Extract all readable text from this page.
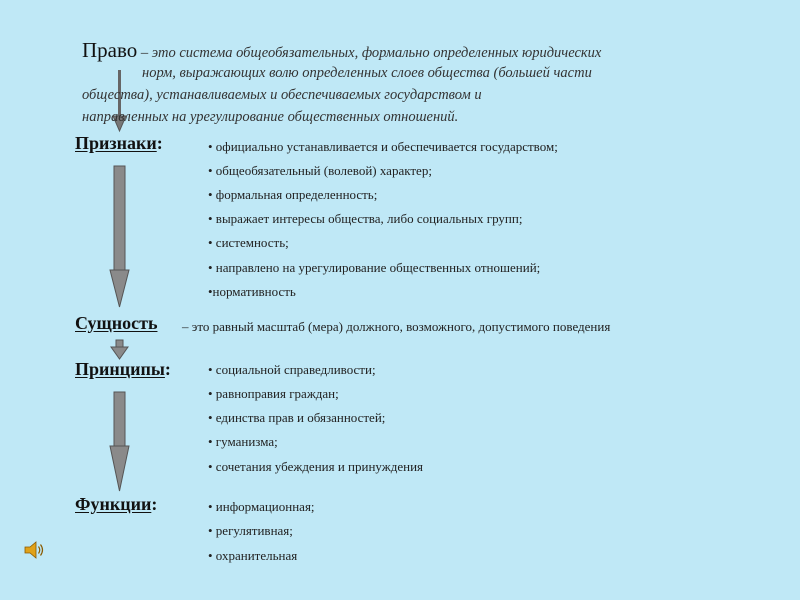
Право – это система общеобязательных, формально определенных юридических
норм, выражающих волю определенных слоев общества (большей части
общества), устанавливаемых и обеспечиваемых государством и
направленных на урегулирование общественных отношений.
Признаки:	• официально устанавливается и обеспечивается государством;
• общеобязательный (волевой) характер;
• формальная определенность;
• выражает интересы общества, либо социальных групп;
• системность;
• направлено на урегулирование общественных отношений;
•нормативность
Сущность – это равный масштаб (мера) должного, возможного, допустимого поведения
Принципы:	• социальной справедливости;
• равноправия граждан;
• единства прав и обязанностей;
• гуманизма;
• сочетания убеждения и принуждения
Функции:	• информационная;
• регулятивная;
• охранительная
